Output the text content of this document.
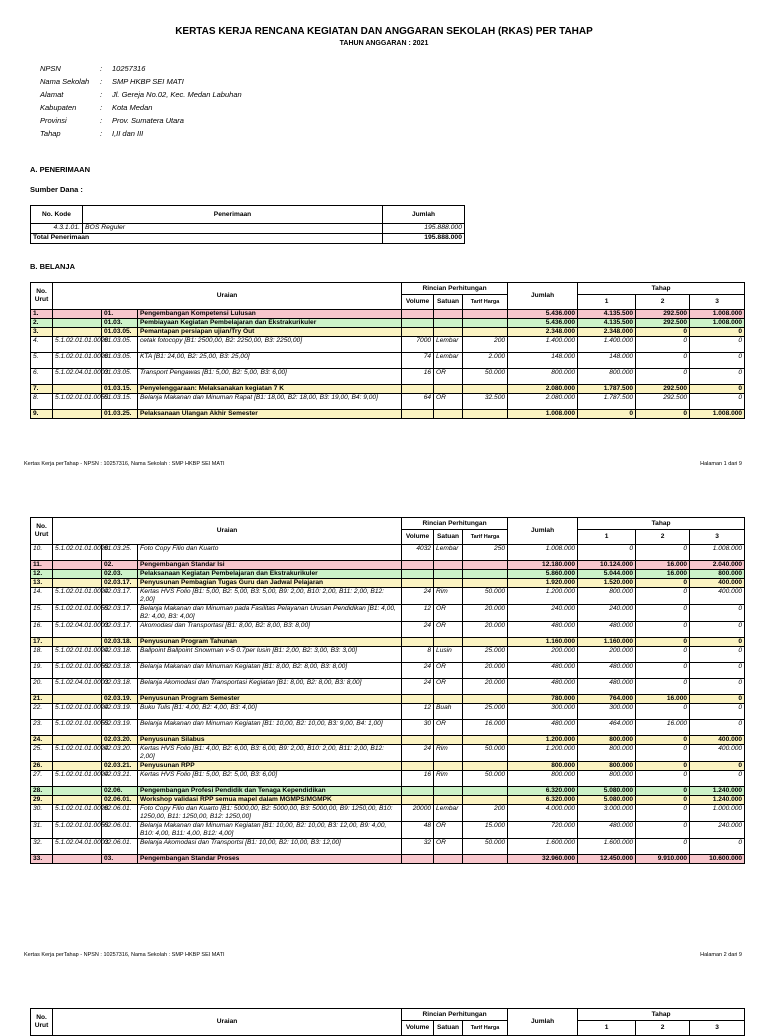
KERTAS KERJA RENCANA KEGIATAN DAN ANGGARAN SEKOLAH (RKAS) PER TAHAP
TAHUN ANGGARAN : 2021
NPSN	:	10257316
Nama Sekolah	:	SMP HKBP SEI MATI
Alamat	:	Jl. Gereja No.02, Kec. Medan Labuhan
Kabupaten	:	Kota Medan
Provinsi	:	Prov. Sumatera Utara
Tahap	:	I,II dan III
A. PENERIMAAN
Sumber Dana :
No. Kode	Penerimaan	Jumlah
4.3.1.01.	BOS Reguler	195.888.000
Total Penerimaan		195.888.000
B. BELANJA
No. Urut	Uraian			Rincian Perhitungan			Jumlah	Tahap		
				Volume	Satuan	Tarif Harga		1	2	3
1.		01.	Pengembangan Kompetensi Lulusan				5.436.000	4.135.500	292.500	1.008.000
2.		01.03.	Pembiayaan Kegiatan Pembelajaran dan Ekstrakurikuler				5.436.000	4.135.500	292.500	1.008.000
3.		01.03.05.	Pemantapan persiapan ujian/Try Out				2.348.000	2.348.000	0	0
4.	5.1.02.01.01.0026	01.03.05.	cetak fotocopy [B1: 2500,00, B2: 2250,00, B3: 2250,00]	7000	Lembar	200	1.400.000	1.400.000	0	0
5.	5.1.02.01.01.0026	01.03.05.	KTA [B1: 24,00, B2: 25,00, B3: 25,00]	74	Lembar	2.000	148.000	148.000	0	0
6.	5.1.02.04.01.0003	01.03.05.	Transport Pengawas [B1: 5,00, B2: 5,00, B3: 6,00]	16	OR	50.000	800.000	800.000	0	0
7.		01.03.15.	Penyelenggaraan: Melaksanakan kegiatan 7 K				2.080.000	1.787.500	292.500	0
8.	5.1.02.01.01.0055	01.03.15.	Belanja Makanan dan Minuman Rapat [B1: 18,00, B2: 18,00, B3: 19,00, B4: 9,00]	64	OR	32.500	2.080.000	1.787.500	292.500	0
9.		01.03.25.	Pelaksanaan Ulangan Akhir Semester				1.008.000	0	0	1.008.000
Kertas Kerja perTahap - NPSN : 10257316, Nama Sekolah : SMP HKBP SEI MATI	Halaman 1 dari 9
No. Urut	Uraian			Rincian Perhitungan			Jumlah	Tahap		
				Volume	Satuan	Tarif Harga		1	2	3
10.	5.1.02.01.01.0026	01.03.25.	Foto Copy Filio dan Kuarto	4032	Lembar	250	1.008.000	0	0	1.008.000
11.		02.	Pengembangan Standar Isi				12.180.000	10.124.000	16.000	2.040.000
12.		02.03.	Pelaksanaan Kegiatan Pembelajaran dan Ekstrakurikuler				5.860.000	5.044.000	16.000	800.000
13.		02.03.17.	Penyusunan Pembagian Tugas Guru dan Jadwal Pelajaran				1.920.000	1.520.000	0	400.000
14.	5.1.02.01.01.0024	02.03.17.	Kertas HVS Folio [B1: 5,00, B2: 5,00, B3: 5,00, B9: 2,00, B10: 2,00, B11: 2,00, B12: 2,00]	24	Rim	50.000	1.200.000	800.000	0	400.000
15.	5.1.02.01.01.0055	02.03.17.	Belanja Makanan dan Minuman pada Fasilitas Pelayanan Urusan Pendidikan [B1: 4,00, B2: 4,00, B3: 4,00]	12	OR	20.000	240.000	240.000	0	0
16.	5.1.02.04.01.0003	02.03.17.	Akomodasi dan Transportasi [B1: 8,00, B2: 8,00, B3: 8,00]	24	OR	20.000	480.000	480.000	0	0
17.		02.03.18.	Penyusunan Program Tahunan				1.160.000	1.160.000	0	0
18.	5.1.02.01.01.0024	02.03.18.	Ballpoint Ballpoint Snowman v-5 0.7per lusin [B1: 2,00, B2: 3,00, B3: 3,00]	8	Lusin	25.000	200.000	200.000	0	0
19.	5.1.02.01.01.0055	02.03.18.	Belanja Makanan dan Minuman Kegiatan [B1: 8,00, B2: 8,00, B3: 8,00]	24	OR	20.000	480.000	480.000	0	0
20.	5.1.02.04.01.0003	02.03.18.	Belanja Akomodasi dan Transportasi Kegiatan [B1: 8,00, B2: 8,00, B3: 8,00]	24	OR	20.000	480.000	480.000	0	0
21.		02.03.19.	Penyusunan Program Semester				780.000	764.000	16.000	0
22.	5.1.02.01.01.0024	02.03.19.	Buku Tulis [B1: 4,00, B2: 4,00, B3: 4,00]	12	Buah	25.000	300.000	300.000	0	0
23.	5.1.02.01.01.0055	02.03.19.	Belanja Makanan dan Minuman Kegiatan [B1: 10,00, B2: 10,00, B3: 9,00, B4: 1,00]	30	OR	16.000	480.000	464.000	16.000	0
24.		02.03.20.	Penyusunan Silabus				1.200.000	800.000	0	400.000
25.	5.1.02.01.01.0024	02.03.20.	Kertas HVS Folio [B1: 4,00, B2: 6,00, B3: 6,00, B9: 2,00, B10: 2,00, B11: 2,00, B12: 2,00]	24	Rim	50.000	1.200.000	800.000	0	400.000
26.		02.03.21.	Penyusunan RPP				800.000	800.000	0	0
27.	5.1.02.01.01.0024	02.03.21.	Kertas HVS Folio [B1: 5,00, B2: 5,00, B3: 6,00]	16	Rim	50.000	800.000	800.000	0	0
28.		02.06.	Pengembangan Profesi Pendidik dan Tenaga Kependidikan				6.320.000	5.080.000	0	1.240.000
29.		02.06.01.	Workshop validasi RPP semua mapel dalam MGMPS/MGMPK				6.320.000	5.080.000	0	1.240.000
30.	5.1.02.01.01.0026	02.06.01.	Foto Copy Filio dan Kuarto [B1: 5000,00, B2: 5000,00, B3: 5000,00, B9: 1250,00, B10: 1250,00, B11: 1250,00, B12: 1250,00]	20000	Lembar	200	4.000.000	3.000.000	0	1.000.000
31.	5.1.02.01.01.0055	02.06.01.	Belanja Makanan dan Minuman Kegiatan [B1: 10,00, B2: 10,00, B3: 12,00, B9: 4,00, B10: 4,00, B11: 4,00, B12: 4,00]	48	OR	15.000	720.000	480.000	0	240.000
32.	5.1.02.04.01.0003	02.06.01.	Belanja Akomodasi dan Transportsi [B1: 10,00, B2: 10,00, B3: 12,00]	32	OR	50.000	1.600.000	1.600.000	0	0
33.		03.	Pengembangan Standar Proses				32.960.000	12.450.000	9.910.000	10.600.000
Kertas Kerja perTahap - NPSN : 10257316, Nama Sekolah : SMP HKBP SEI MATI	Halaman 2 dari 9
No. Urut	Uraian	Rincian Perhitungan			Jumlah	Tahap		
		Volume	Satuan	Tarif Harga		1	2	3
